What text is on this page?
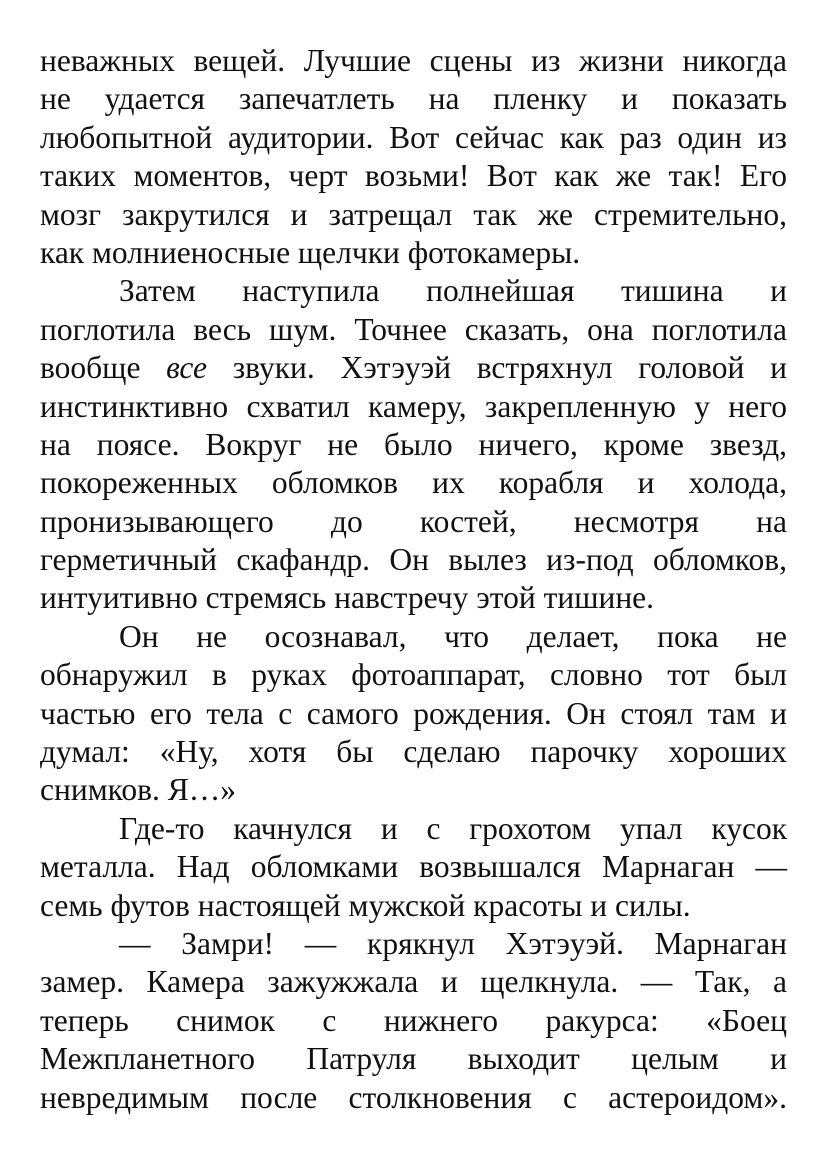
неважных вещей. Лучшие сцены из жизни никогда
не удается запечатлеть на пленку и показать
любопытной аудитории. Вот сейчас как раз один из
таких моментов, черт возьми! Вот как же так! Его
мозг закрутился и затрещал так же стремительно,
как молниеносные щелчки фотокамеры.
Затем наступила полнейшая тишина и
поглотила весь шум. Точнее сказать, она поглотила
вообще все звуки. Хэтэуэй встряхнул головой и
инстинктивно схватил камеру, закрепленную у него
на поясе. Вокруг не было ничего, кроме звезд,
покореженных обломков их корабля и холода,
пронизывающего до костей, несмотря на
герметичный скафандр. Он вылез из-под обломков,
интуитивно стремясь навстречу этой тишине.
Он не осознавал, что делает, пока не
обнаружил в руках фотоаппарат, словно тот был
частью его тела с самого рождения. Он стоял там и
думал: «Ну, хотя бы сделаю парочку хороших
снимков. Я…»
Где-то качнулся и с грохотом упал кусок
металла. Над обломками возвышался Марнаган —
семь футов настоящей мужской красоты и силы.
— Замри! — крякнул Хэтэуэй. Марнаган
замер. Камера зажужжала и щелкнула. — Так, а
теперь снимок с нижнего ракурса: «Боец
Межпланетного Патруля выходит целым и
невредимым после столкновения с астероидом».
